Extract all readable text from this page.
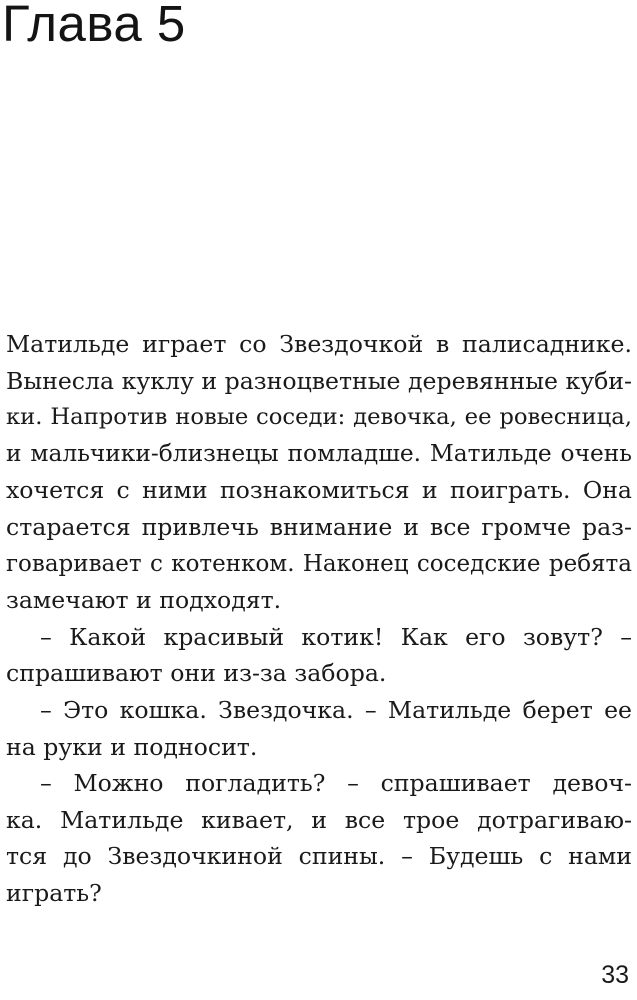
Глава 5
Матильде играет со Звездочкой в палисаднике.
Вынесла куклу и разноцветные деревянные куби-
ки. Напротив новые соседи: девочка, ее ровесница,
и мальчики-близнецы помладше. Матильде очень
хочется с ними познакомиться и поиграть. Она
старается привлечь внимание и все громче раз-
говаривает с котенком. Наконец соседские ребята
замечают и подходят.
– Какой красивый котик! Как его зовут? –
спрашивают они из-за забора.
– Это кошка. Звездочка. – Матильде берет ее
на руки и подносит.
– Можно погладить? – спрашивает девоч-
ка. Матильде кивает, и все трое дотрагиваю-
тся до Звездочкиной спины. – Будешь с нами
играть?
33
